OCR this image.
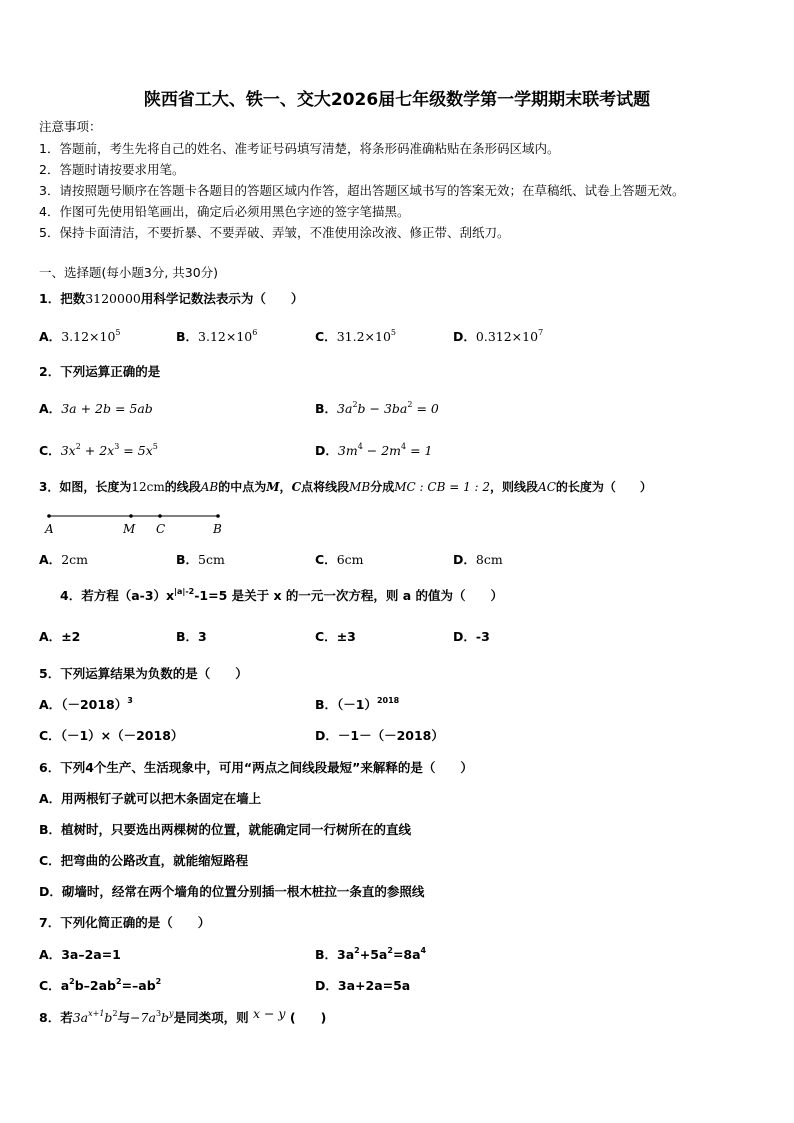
陕西省工大、铁一、交大2026届七年级数学第一学期期末联考试题
注意事项：
1．答题前，考生先将自己的姓名、准考证号码填写清楚，将条形码准确粘贴在条形码区域内。
2．答题时请按要求用笔。
3．请按照题号顺序在答题卡各题目的答题区域内作答，超出答题区域书写的答案无效；在草稿纸、试卷上答题无效。
4．作图可先使用铅笔画出，确定后必须用黑色字迹的签字笔描黑。
5．保持卡面清洁，不要折暴、不要弄破、弄皱，不准使用涂改液、修正带、刮纸刀。
一、选择题(每小题3分, 共30分)
1．把数3120000用科学记数法表示为（　　）
A．$3.12\times 10^5$	B．$3.12\times 10^6$	C．$31.2\times 10^5$	D．$0.312\times 10^7$
2．下列运算正确的是
A．3a + 2b = 5ab	B．$3a^2b - 3ba^2 = 0$
C．$3x^2 + 2x^3 = 5x^5$	D．$3m^4 - 2m^4 = 1$
3．如图，长度为12cm的线段AB的中点为M，C点将线段MB分成MC : CB = 1 : 2，则线段AC的长度为（　　）
A	M C	B
A．2cm	B．5cm	C．6cm	D．8cm
4．若方程$(a-3)x^{|a|-2}-1=5$ 是关于 x 的一元一次方程，则 a 的值为（　　）
A．±2	B．3	C．±3	D．-3
5．下列运算结果为负数的是（　　）
A．$(-2018)^3$	B．$(-1)^{2018}$
C．（－1）×（－2018）	D．－1－（－2018）
6．下列4个生产、生活现象中，可用“两点之间线段最短”来解释的是（　　）
A．用两根钉子就可以把木条固定在墙上
B．植树时，只要选出两棵树的位置，就能确定同一行树所在的直线
C．把弯曲的公路改直，就能缩短路程
D．砌墙时，经常在两个墙角的位置分别插一根木桩拉一条直的参照线
7．下列化简正确的是（　　）
A．3a–2a=1	B．$3a^2+5a^2=8a^4$
C．$a^2b-2ab^2=-ab^2$	D．3a+2a=5a
8．若$3a^{x+1}b^2$与$-7a^3b^y$是同类项，则 x − y (　　)
